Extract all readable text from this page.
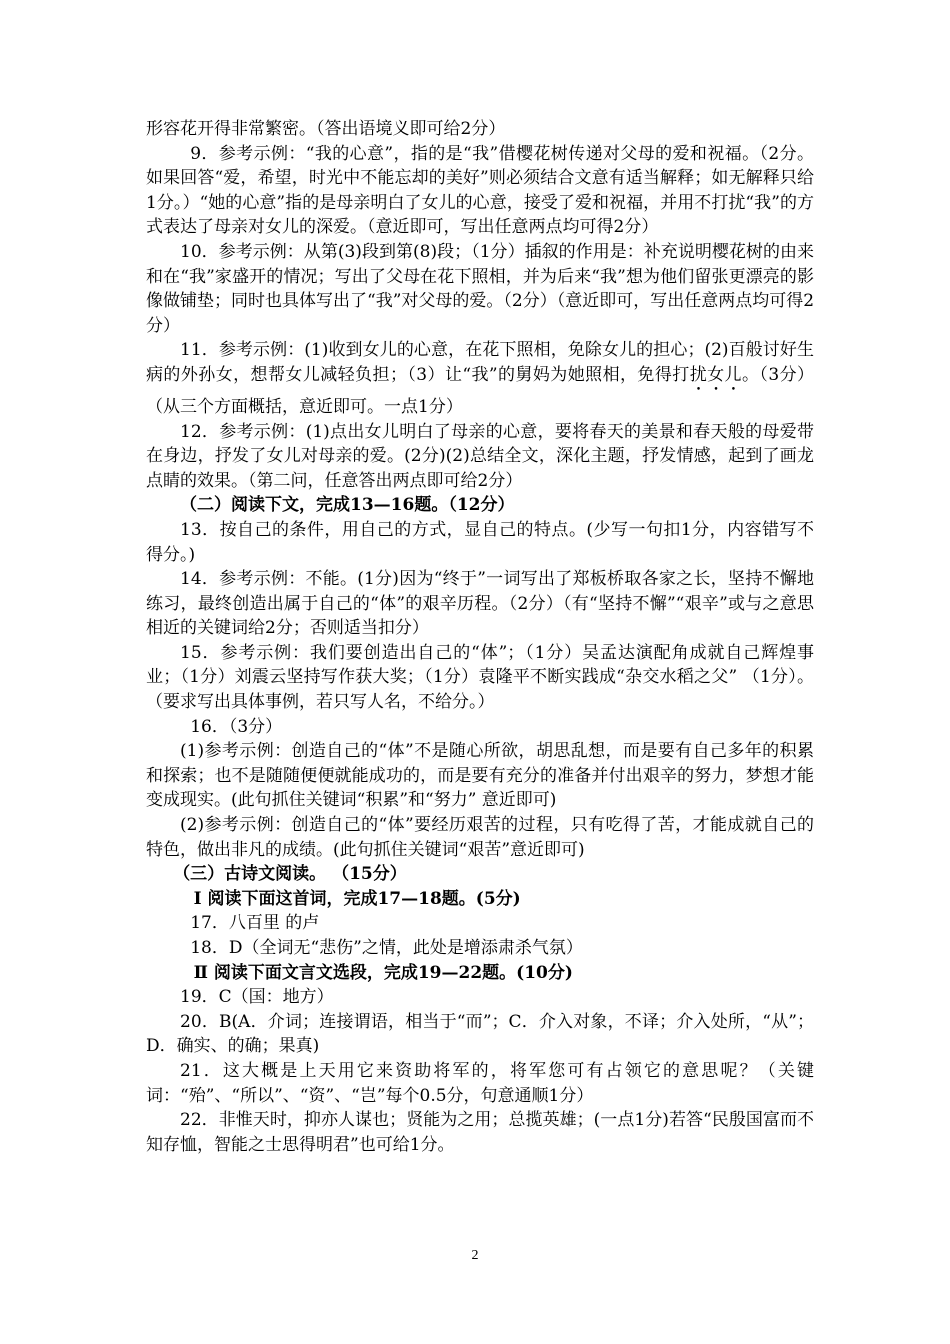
形容花开得非常繁密。（答出语境义即可给2分）

9．参考示例：“我的心意”，指的是“我”借樱花树传递对父母的爱和祝福。（2分。如果回答“爱，希望，时光中不能忘却的美好”则必须结合文意有适当解释；如无解释只给1分。）“她的心意”指的是母亲明白了女儿的心意，接受了爱和祝福，并用不打扰“我”的方式表达了母亲对女儿的深爱。（意近即可，写出任意两点均可得2分）

10．参考示例：从第(3)段到第(8)段；（1分）插叙的作用是：补充说明樱花树的由来和在“我”家盛开的情况；写出了父母在花下照相，并为后来“我”想为他们留张更漂亮的影像做铺垫；同时也具体写出了“我”对父母的爱。（2分）（意近即可，写出任意两点均可得2分）

11．参考示例：(1)收到女儿的心意，在花下照相，免除女儿的担心；(2)百般讨好生病的外孙女，想帮女儿减轻负担；（3）让“我”的舅妈为她照相，免得打扰女儿。（3分）（从三个方面概括，意近即可。一点1分）

12．参考示例：(1)点出女儿明白了母亲的心意，要将春天的美景和春天般的母爱带在身边，抒发了女儿对母亲的爱。(2分)(2)总结全文，深化主题，抒发情感，起到了画龙点睛的效果。（第二问，任意答出两点即可给2分）

（二）阅读下文，完成13—16题。（12分）

13．按自己的条件，用自己的方式，显自己的特点。(少写一句扣1分，内容错写不得分。)

14．参考示例：不能。(1分)因为“终于”一词写出了郑板桥取各家之长，坚持不懈地练习，最终创造出属于自己的“体”的艰辛历程。（2分）（有“坚持不懈”“艰辛”或与之意思相近的关键词给2分；否则适当扣分）

15．参考示例：我们要创造出自己的“体”；（1分）吴孟达演配角成就自己辉煌事业；（1分）刘震云坚持写作获大奖；（1分）袁隆平不断实践成“杂交水稻之父” （1分）。（要求写出具体事例，若只写人名，不给分。）

16．（3分）

(1)参考示例：创造自己的“体”不是随心所欲，胡思乱想，而是要有自己多年的积累和探索；也不是随随便便就能成功的，而是要有充分的准备并付出艰辛的努力，梦想才能变成现实。(此句抓住关键词“积累”和“努力” 意近即可)

(2)参考示例：创造自己的“体”要经历艰苦的过程，只有吃得了苦，才能成就自己的特色，做出非凡的成绩。(此句抓住关键词“艰苦”意近即可)

（三）古诗文阅读。 （15分）

Ⅰ 阅读下面这首词，完成17—18题。(5分)

17．八百里 的卢

18．D（全词无“悲伤”之情，此处是增添肃杀气氛）

Ⅱ 阅读下面文言文选段，完成19—22题。(10分)

19．C（国：地方）

20．B(A．介词；连接谓语，相当于“而”；C．介入对象，不译；介入处所，“从”；D．确实、的确；果真)

21．这大概是上天用它来资助将军的，将军您可有占领它的意思呢？（关键词：“殆”、“所以”、“资”、“岂”每个0.5分，句意通顺1分）

22．非惟天时，抑亦人谋也；贤能为之用；总揽英雄；(一点1分)若答“民殷国富而不知存恤，智能之士思得明君”也可给1分。

2
